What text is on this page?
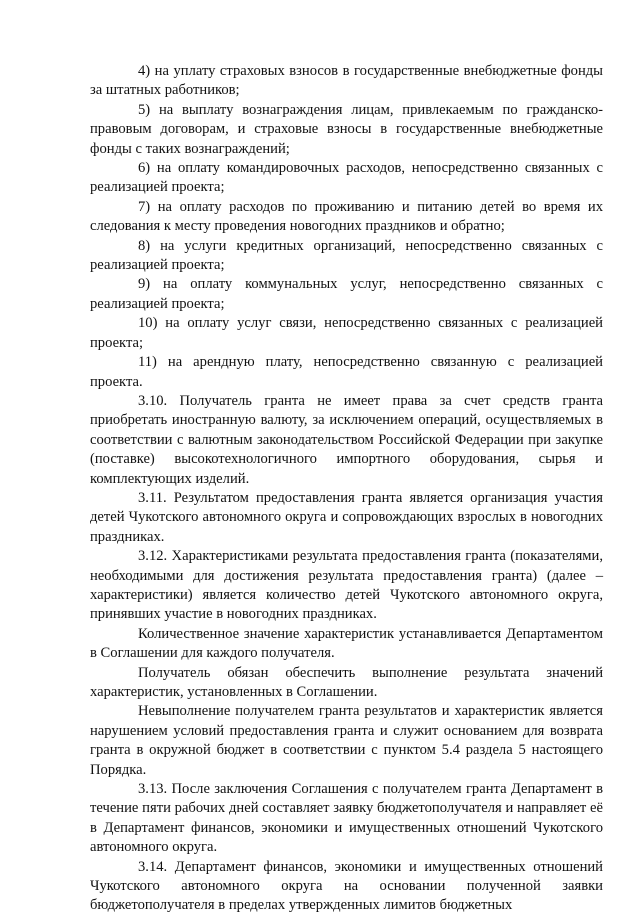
4) на уплату страховых взносов в государственные внебюджетные фонды за штатных работников;

5) на выплату вознаграждения лицам, привлекаемым по гражданско-правовым договорам, и страховые взносы в государственные внебюджетные фонды с таких вознаграждений;

6) на оплату командировочных расходов, непосредственно связанных с реализацией проекта;

7) на оплату расходов по проживанию и питанию детей во время их следования к месту проведения новогодних праздников и обратно;

8) на услуги кредитных организаций, непосредственно связанных с реализацией проекта;

9) на оплату коммунальных услуг, непосредственно связанных с реализацией проекта;

10) на оплату услуг связи, непосредственно связанных с реализацией проекта;

11) на арендную плату, непосредственно связанную с реализацией проекта.

3.10. Получатель гранта не имеет права за счет средств гранта приобретать иностранную валюту, за исключением операций, осуществляемых в соответствии с валютным законодательством Российской Федерации при закупке (поставке) высокотехнологичного импортного оборудования, сырья и комплектующих изделий.

3.11. Результатом предоставления гранта является организация участия детей Чукотского автономного округа и сопровождающих взрослых в новогодних праздниках.

3.12. Характеристиками результата предоставления гранта (показателями, необходимыми для достижения результата предоставления гранта) (далее – характеристики) является количество детей Чукотского автономного округа, принявших участие в новогодних праздниках.

Количественное значение характеристик устанавливается Департаментом в Соглашении для каждого получателя.

Получатель обязан обеспечить выполнение результата значений характеристик, установленных в Соглашении.

Невыполнение получателем гранта результатов и характеристик является нарушением условий предоставления гранта и служит основанием для возврата гранта в окружной бюджет в соответствии с пунктом 5.4 раздела 5 настоящего Порядка.

3.13. После заключения Соглашения с получателем гранта Департамент в течение пяти рабочих дней составляет заявку бюджетополучателя и направляет её в Департамент финансов, экономики и имущественных отношений Чукотского автономного округа.

3.14. Департамент финансов, экономики и имущественных отношений Чукотского автономного округа на основании полученной заявки бюджетополучателя в пределах утвержденных лимитов бюджетных
